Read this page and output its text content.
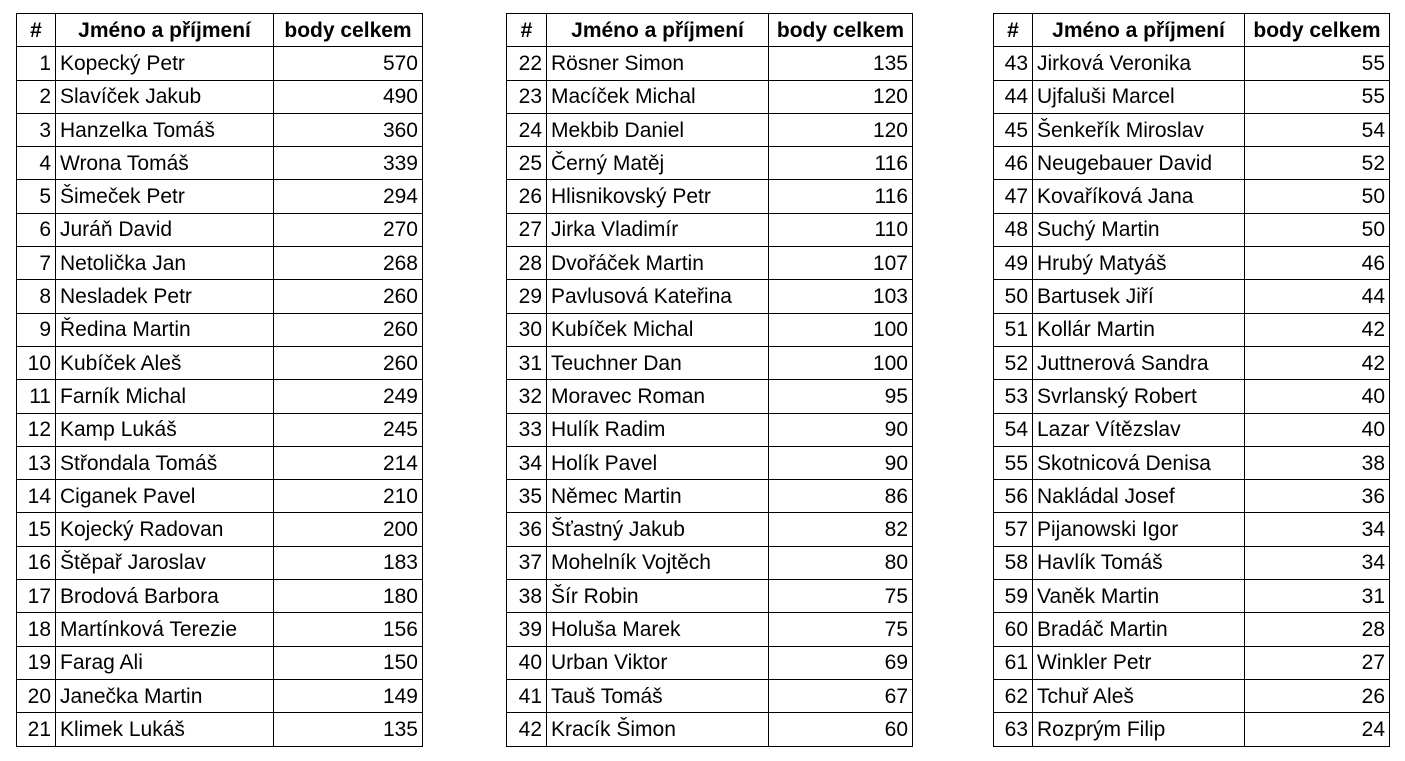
#	Jméno a příjmení	body celkem
1	Kopecký Petr	570
2	Slavíček Jakub	490
3	Hanzelka Tomáš	360
4	Wrona Tomáš	339
5	Šimeček Petr	294
6	Juráň David	270
7	Netolička Jan	268
8	Nesladek Petr	260
9	Ředina Martin	260
10	Kubíček Aleš	260
11	Farník Michal	249
12	Kamp Lukáš	245
13	Střondala Tomáš	214
14	Ciganek Pavel	210
15	Kojecký Radovan	200
16	Štěpař Jaroslav	183
17	Brodová Barbora	180
18	Martínková Terezie	156
19	Farag Ali	150
20	Janečka Martin	149
21	Klimek Lukáš	135
#	Jméno a příjmení	body celkem
22	Rösner Simon	135
23	Macíček Michal	120
24	Mekbib Daniel	120
25	Černý Matěj	116
26	Hlisnikovský Petr	116
27	Jirka Vladimír	110
28	Dvořáček Martin	107
29	Pavlusová Kateřina	103
30	Kubíček Michal	100
31	Teuchner Dan	100
32	Moravec Roman	95
33	Hulík Radim	90
34	Holík Pavel	90
35	Němec Martin	86
36	Šťastný Jakub	82
37	Mohelník Vojtěch	80
38	Šír Robin	75
39	Holuša Marek	75
40	Urban Viktor	69
41	Tauš Tomáš	67
42	Kracík Šimon	60
#	Jméno a příjmení	body celkem
43	Jirková Veronika	55
44	Ujfaluši Marcel	55
45	Šenkeřík Miroslav	54
46	Neugebauer David	52
47	Kovaříková Jana	50
48	Suchý Martin	50
49	Hrubý Matyáš	46
50	Bartusek Jiří	44
51	Kollár Martin	42
52	Juttnerová Sandra	42
53	Svrlanský Robert	40
54	Lazar Vítězslav	40
55	Skotnicová Denisa	38
56	Nakládal Josef	36
57	Pijanowski Igor	34
58	Havlík Tomáš	34
59	Vaněk Martin	31
60	Bradáč Martin	28
61	Winkler Petr	27
62	Tchuř Aleš	26
63	Rozprým Filip	24
